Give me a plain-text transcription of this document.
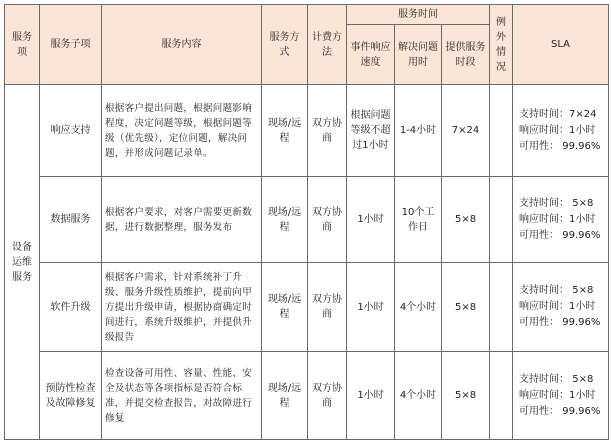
服务项	服务子项	服务内容	服务方式	计费方法	服务时间			例外情况	SLA
					事件响应速度	解决问题用时	提供服务时段		
设备运维服务	响应支持	根据客户提出问题，根据问题影响程度，决定问题等级，根据问题等级（优先级），定位问题，解决问题，并形成问题记录单。	现场/远程	双方协商	根据问题等级不超过1小时	1-4小时	7×24		支持时间：7×24
响应时间：1小时
可用性： 99.96%

	数据服务	根据客户要求，对客户需要更新数据，进行数据整理，服务发布	现场/远程	双方协商	1小时	10个工作日	5×8		支持时间： 5×8
响应时间：1小时
可用性： 99.96%

	软件升级	根据客户需求，针对系统补丁升级、服务升级性质维护，提前向甲方提出升级申请，根据协商确定时间进行，系统升级维护，并提供升级报告	现场/远程	双方协商	1小时	4个小时	5×8		支持时间： 5×8
响应时间：1小时
可用性： 99.96%

	预防性检查及故障修复	检查设备可用性、容量、性能、安全及状态等各项指标是否符合标准，并提交检查报告，对故障进行修复	现场/远程	双方协商	1小时	4个小时	5×8		支持时间： 5×8
响应时间：1小时
可用性： 99.96%
